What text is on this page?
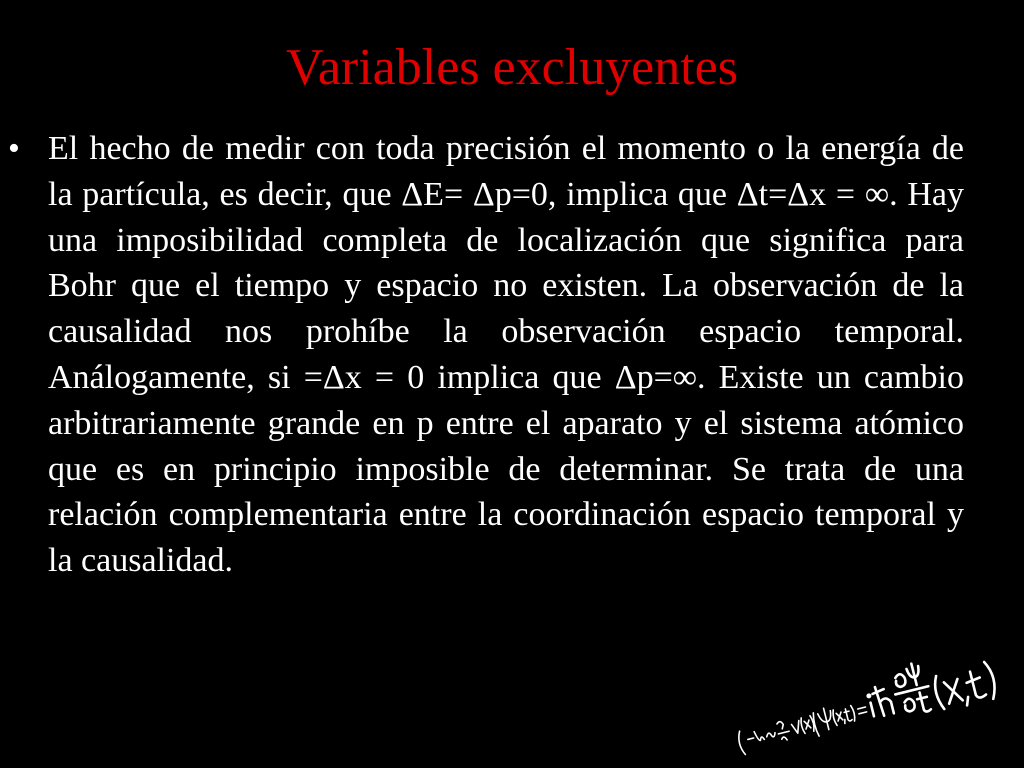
Variables excluyentes
• El hecho de medir con toda precisión el momento o la energía de la partícula, es decir, que ΔE= Δp=0, implica que Δt=Δx = ∞. Hay una imposibilidad completa de localización que significa para Bohr que el tiempo y espacio no existen. La observación de la causalidad nos prohíbe la observación espacio temporal. Análogamente, si =Δx = 0 implica que Δp=∞. Existe un cambio arbitrariamente grande en p entre el aparato y el sistema atómico que es en principio imposible de determinar. Se trata de una relación complementaria entre la coordinación espacio temporal y la causalidad.
